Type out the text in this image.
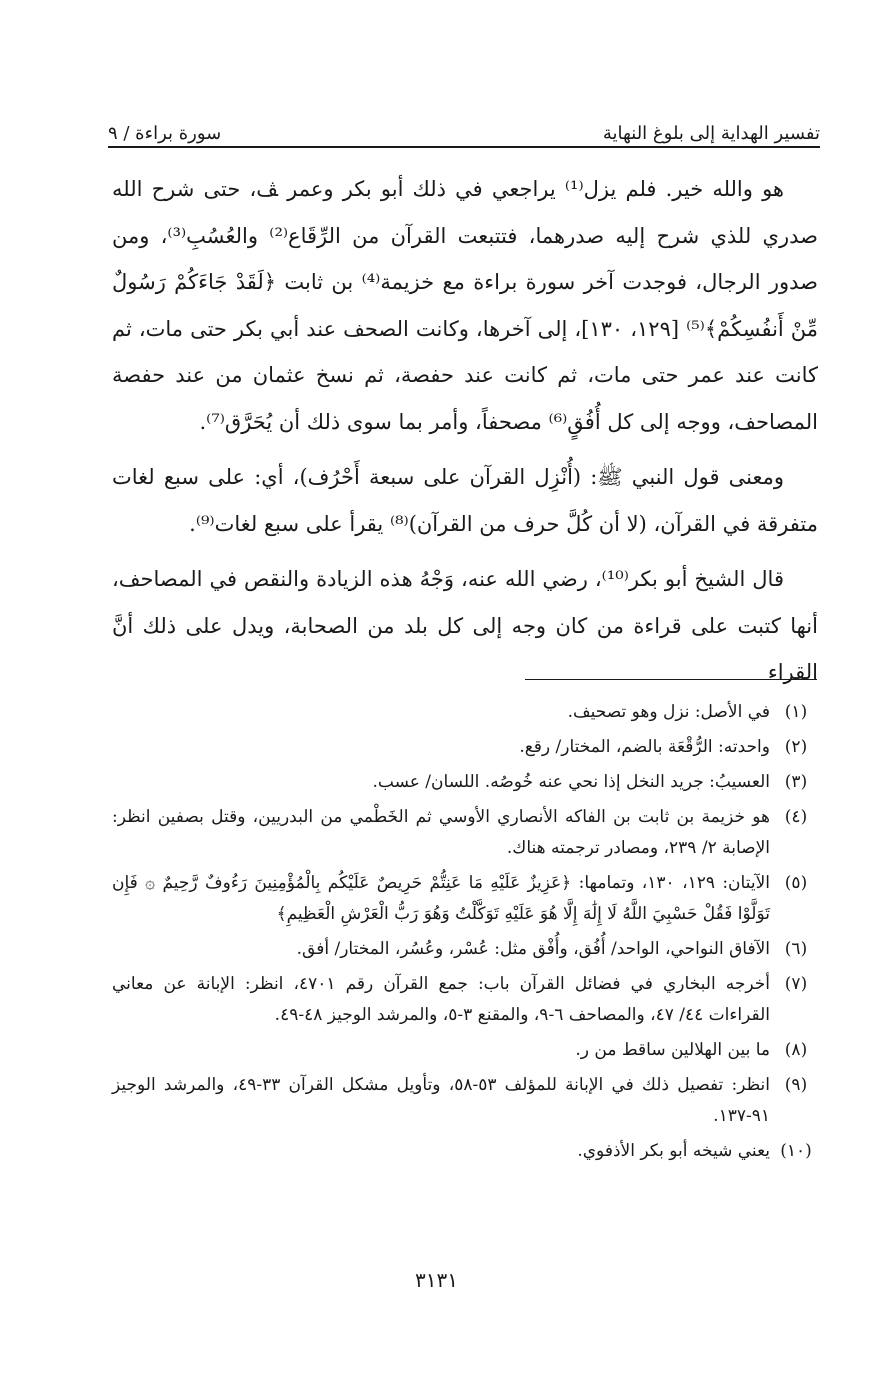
تفسير الهداية إلى بلوغ النهاية
سورة براءة / ٩

هو والله خير. فلم يزل⁽¹⁾ يراجعي في ذلك أبو بكر وعمر ﭫ، حتى شرح الله صدري للذي شرح إليه صدرهما، فتتبعت القرآن من الرِّقَاع⁽²⁾ والعُسُبِ⁽³⁾، ومن صدور الرجال، فوجدت آخر سورة براءة مع خزيمة⁽⁴⁾ بن ثابت ﴿لَقَدْ جَاءَكُمْ رَسُولٌ مِّنْ أَنفُسِكُمْ﴾⁽⁵⁾ [١٢٩، ١٣٠]، إلى آخرها، وكانت الصحف عند أبي بكر حتى مات، ثم كانت عند عمر حتى مات، ثم كانت عند حفصة، ثم نسخ عثمان من عند حفصة المصاحف، ووجه إلى كل أُفُقٍ⁽⁶⁾ مصحفاً، وأمر بما سوى ذلك أن يُحَرَّق⁽⁷⁾.

ومعنى قول النبي ﷺ: (أُنْزِل القرآن على سبعة أَحْرُف)، أي: على سبع لغات متفرقة في القرآن، (لا أن كُلَّ حرف من القرآن)⁽⁸⁾ يقرأ على سبع لغات⁽⁹⁾.

قال الشيخ أبو بكر⁽¹⁰⁾، رضي الله عنه، وَجْهُ هذه الزيادة والنقص في المصاحف، أنها كتبت على قراءة من كان وجه إلى كل بلد من الصحابة، ويدل على ذلك أنَّ القراء

(١)
في الأصل: نزل وهو تصحيف.
(٢)
واحدته: الرُّقْعَة بالضم، المختار/ رقع.
(٣)
العسيبُ: جريد النخل إذا نحي عنه خُوصُه. اللسان/ عسب.
(٤)
هو خزيمة بن ثابت بن الفاكه الأنصاري الأوسي ثم الخَطْمي من البدريين، وقتل بصفين انظر: الإصابة ٢/ ٢٣٩، ومصادر ترجمته هناك.
(٥)
الآيتان: ١٢٩، ١٣٠، وتمامها: ﴿عَزِيزٌ عَلَيْهِ مَا عَنِتُّمْ حَرِيصٌ عَلَيْكُم بِالْمُؤْمِنِينَ رَءُوفٌ رَّحِيمٌ ۞ فَإِن تَوَلَّوْا فَقُلْ حَسْبِيَ اللَّهُ لَا إِلَٰهَ إِلَّا هُوَ عَلَيْهِ تَوَكَّلْتُ وَهُوَ رَبُّ الْعَرْشِ الْعَظِيمِ﴾
(٦)
الآفاق النواحي، الواحد/ أُفُق، وأُفْق مثل: عُسْر، وعُسُر، المختار/ أفق.
(٧)
أخرجه البخاري في فضائل القرآن باب: جمع القرآن رقم ٤٧٠١، انظر: الإبانة عن معاني القراءات ٤٤/ ٤٧، والمصاحف ٦-٩، والمقنع ٣-٥، والمرشد الوجيز ٤٨-٤٩.
(٨)
ما بين الهلالين ساقط من ر.
(٩)
انظر: تفصيل ذلك في الإبانة للمؤلف ٥٣-٥٨، وتأويل مشكل القرآن ٣٣-٤٩، والمرشد الوجيز ٩١-١٣٧.
(١٠)
يعني شيخه أبو بكر الأذفوي.
٣١٣١
